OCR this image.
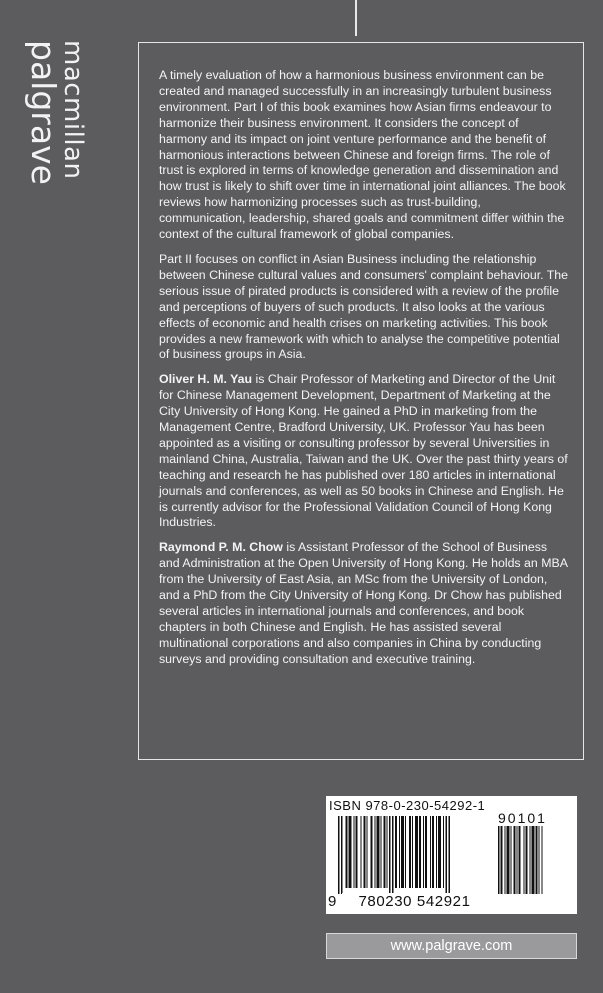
palgrave
macmillan	A timely evaluation of how a harmonious business environment can be created and managed successfully in an increasingly turbulent business environment. Part I of this book examines how Asian firms endeavour to harmonize their business environment. It considers the concept of harmony and its impact on joint venture performance and the benefit of harmonious interactions between Chinese and foreign firms. The role of trust is explored in terms of knowledge generation and dissemination and how trust is likely to shift over time in international joint alliances. The book reviews how harmonizing processes such as trust-building, communication, leadership, shared goals and commitment differ within the context of the cultural framework of global companies.

Part II focuses on conflict in Asian Business including the relationship between Chinese cultural values and consumers' complaint behaviour. The serious issue of pirated products is considered with a review of the profile and perceptions of buyers of such products. It also looks at the various effects of economic and health crises on marketing activities. This book provides a new framework with which to analyse the competitive potential of business groups in Asia.

Oliver H. M. Yau is Chair Professor of Marketing and Director of the Unit for Chinese Management Development, Department of Marketing at the City University of Hong Kong. He gained a PhD in marketing from the Management Centre, Bradford University, UK. Professor Yau has been appointed as a visiting or consulting professor by several Universities in mainland China, Australia, Taiwan and the UK. Over the past thirty years of teaching and research he has published over 180 articles in international journals and conferences, as well as 50 books in Chinese and English. He is currently advisor for the Professional Validation Council of Hong Kong Industries.

Raymond P. M. Chow is Assistant Professor of the School of Business and Administration at the Open University of Hong Kong. He holds an MBA from the University of East Asia, an MSc from the University of London, and a PhD from the City University of Hong Kong. Dr Chow has published several articles in international journals and conferences, and book chapters in both Chinese and English. He has assisted several multinational corporations and also companies in China by conducting surveys and providing consultation and executive training.

ISBN 978-0-230-54292-1
90101
9	780230 542921
www.palgrave.com
